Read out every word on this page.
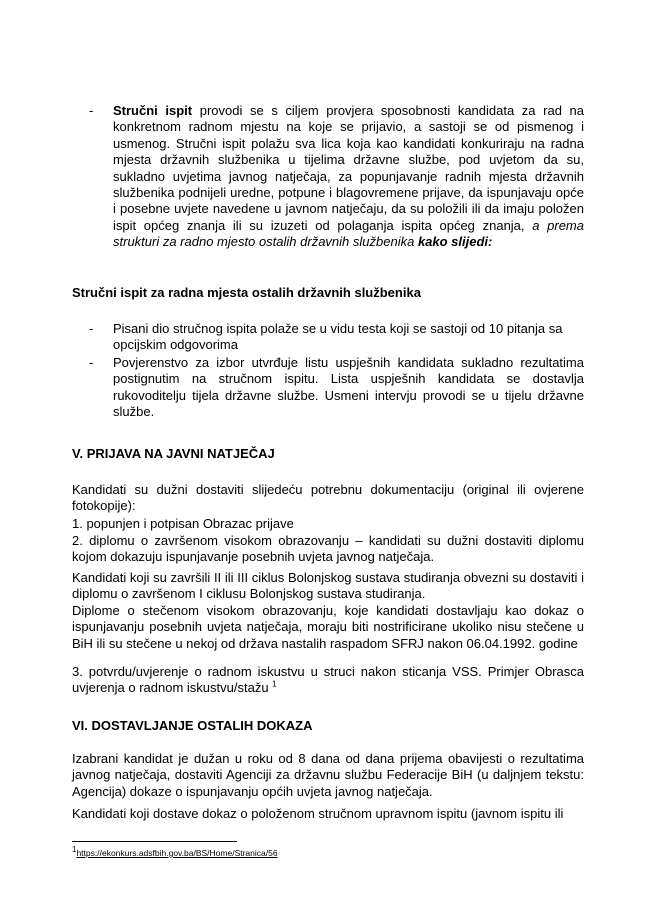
- Stručni ispit provodi se s ciljem provjera sposobnosti kandidata za rad na konkretnom radnom mjestu na koje se prijavio, a sastoji se od pismenog i usmenog. Stručni ispit polažu sva lica koja kao kandidati konkuriraju na radna mjesta državnih službenika u tijelima državne službe, pod uvjetom da su, sukladno uvjetima javnog natječaja, za popunjavanje radnih mjesta državnih službenika podnijeli uredne, potpune i blagovremene prijave, da ispunjavaju opće i posebne uvjete navedene u javnom natječaju, da su položili ili da imaju položen ispit općeg znanja ili su izuzeti od polaganja ispita općeg znanja, a prema strukturi za radno mjesto ostalih državnih službenika kako slijedi:
Stručni ispit za radna mjesta ostalih državnih službenika
- Pisani dio stručnog ispita polaže se u vidu testa koji se sastoji od 10 pitanja sa opcijskim odgovorima
- Povjerenstvo za izbor utvrđuje listu uspješnih kandidata sukladno rezultatima postignutim na stručnom ispitu. Lista uspješnih kandidata se dostavlja rukovoditelju tijela državne službe. Usmeni intervju provodi se u tijelu državne službe.
V. PRIJAVA NA JAVNI NATJEČAJ
Kandidati su dužni dostaviti slijedeću potrebnu dokumentaciju (original ili ovjerene fotokopije):
1. popunjen i potpisan Obrazac prijave
2. diplomu o završenom visokom obrazovanju – kandidati su dužni dostaviti diplomu kojom dokazuju ispunjavanje posebnih uvjeta javnog natječaja.
Kandidati koji su završili II ili III ciklus Bolonjskog sustava studiranja obvezni su dostaviti i diplomu o završenom I ciklusu Bolonjskog sustava studiranja.
Diplome o stečenom visokom obrazovanju, koje kandidati dostavljaju kao dokaz o ispunjavanju posebnih uvjeta natječaja, moraju biti nostrificirane ukoliko nisu stečene u BiH ili su stečene u nekoj od država nastalih raspadom SFRJ nakon 06.04.1992. godine
3. potvrdu/uvjerenje o radnom iskustvu u struci nakon sticanja VSS. Primjer Obrasca uvjerenja o radnom iskustvu/stažu $^1$
VI. DOSTAVLJANJE OSTALIH DOKAZA
Izabrani kandidat je dužan u roku od 8 dana od dana prijema obavijesti o rezultatima javnog natječaja, dostaviti Agenciji za državnu službu Federacije BiH (u daljnjem tekstu: Agencija) dokaze o ispunjavanju općih uvjeta javnog natječaja.
Kandidati koji dostave dokaz o položenom stručnom upravnom ispitu (javnom ispitu ili
$^1$https://ekonkurs.adsfbih.gov.ba/BS/Home/Stranica/56
